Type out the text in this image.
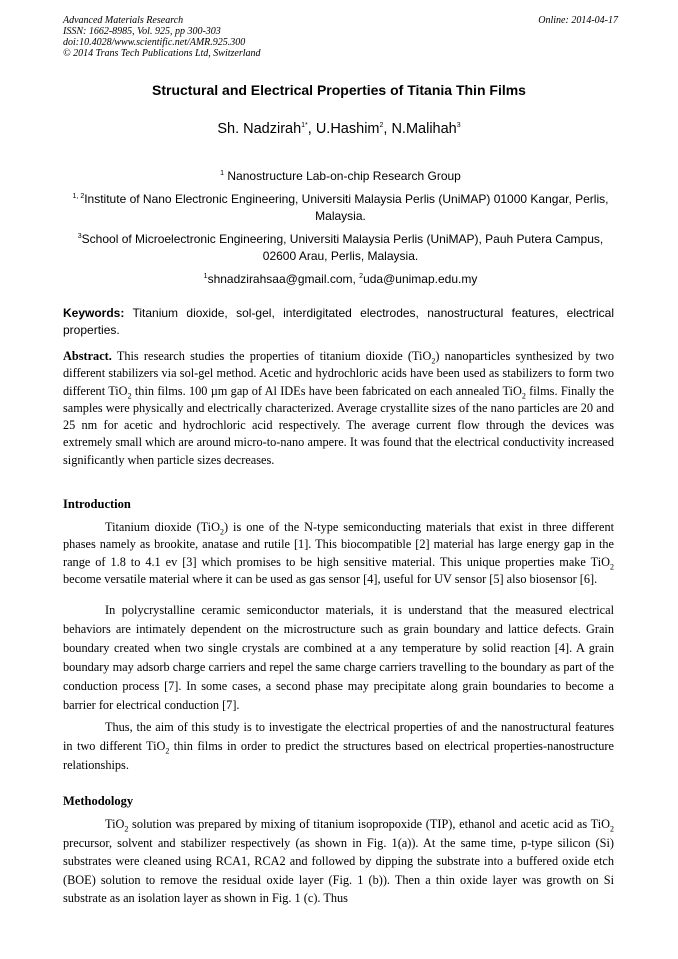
Advanced Materials Research
ISSN: 1662-8985, Vol. 925, pp 300-303
doi:10.4028/www.scientific.net/AMR.925.300
© 2014 Trans Tech Publications Ltd, Switzerland
Online: 2014-04-17
Structural and Electrical Properties of Titania Thin Films
Sh. Nadzirah$^{1*}$, U.Hashim$^2$, N.Malihah$^3$
$^1$ Nanostructure Lab-on-chip Research Group
$^{1, 2}$Institute of Nano Electronic Engineering, Universiti Malaysia Perlis (UniMAP) 01000 Kangar, Perlis, Malaysia.
$^3$School of Microelectronic Engineering, Universiti Malaysia Perlis (UniMAP), Pauh Putera Campus, 02600 Arau, Perlis, Malaysia.
$^1$shnadzirahsaa@gmail.com, $^2$uda@unimap.edu.my
Keywords: Titanium dioxide, sol-gel, interdigitated electrodes, nanostructural features, electrical properties.
Abstract. This research studies the properties of titanium dioxide (TiO$_2$) nanoparticles synthesized by two different stabilizers via sol-gel method. Acetic and hydrochloric acids have been used as stabilizers to form two different TiO$_2$ thin films. 100 µm gap of Al IDEs have been fabricated on each annealed TiO$_2$ films. Finally the samples were physically and electrically characterized. Average crystallite sizes of the nano particles are 20 and 25 nm for acetic and hydrochloric acid respectively. The average current flow through the devices was extremely small which are around micro-to-nano ampere. It was found that the electrical conductivity increased significantly when particle sizes decreases.
Introduction
Titanium dioxide (TiO$_2$) is one of the N-type semiconducting materials that exist in three different phases namely as brookite, anatase and rutile [1]. This biocompatible [2] material has large energy gap in the range of 1.8 to 4.1 ev [3] which promises to be high sensitive material. This unique properties make TiO$_2$ become versatile material where it can be used as gas sensor [4], useful for UV sensor [5] also biosensor [6].
In polycrystalline ceramic semiconductor materials, it is understand that the measured electrical behaviors are intimately dependent on the microstructure such as grain boundary and lattice defects. Grain boundary created when two single crystals are combined at a any temperature by solid reaction [4]. A grain boundary may adsorb charge carriers and repel the same charge carriers travelling to the boundary as part of the conduction process [7]. In some cases, a second phase may precipitate along grain boundaries to become a barrier for electrical conduction [7].
Thus, the aim of this study is to investigate the electrical properties of and the nanostructural features in two different TiO$_2$ thin films in order to predict the structures based on electrical properties-nanostructure relationships.
Methodology
TiO$_2$ solution was prepared by mixing of titanium isopropoxide (TIP), ethanol and acetic acid as TiO$_2$ precursor, solvent and stabilizer respectively (as shown in Fig. 1(a)). At the same time, p-type silicon (Si) substrates were cleaned using RCA1, RCA2 and followed by dipping the substrate into a buffered oxide etch (BOE) solution to remove the residual oxide layer (Fig. 1 (b)). Then a thin oxide layer was growth on Si substrate as an isolation layer as shown in Fig. 1 (c). Thus
